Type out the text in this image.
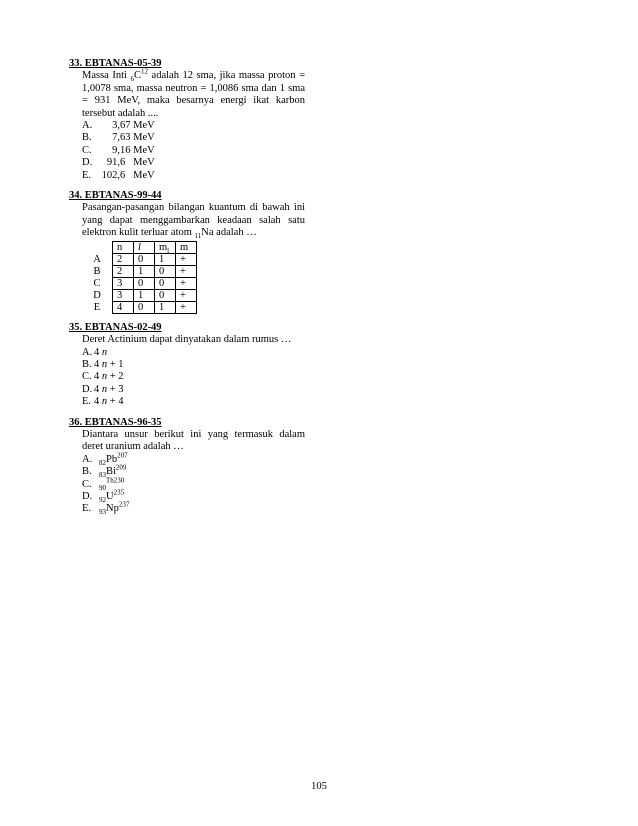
33. EBTANAS-05-39
Massa Inti $_6C^{12}$ adalah 12 sma, jika massa proton = 1,0078 sma, massa neutron = 1,0086 sma dan 1 sma = 931 MeV, maka besarnya energi ikat karbon tersebut adalah ....
A. 3,67 MeV
B. 7,63 MeV
C. 9,16 MeV
D. 91,6   MeV
E. 102,6   MeV
34. EBTANAS-99-44
Pasangan-pasangan bilangan kuantum di bawah ini yang dapat menggambarkan keadaan salah satu elektron kulit terluar atom $_{11}$Na adalah …
	n	l	$m_l$	m
A	2	0	1	+
B	2	1	0	+
C	3	0	0	+
D	3	1	0	+
E	4	0	1	+
35. EBTANAS-02-49
Deret Actinium dapat dinyatakan dalam rumus …
A. 4 n
B. 4 n + 1
C. 4 n + 2
D. 4 n + 3
E. 4 n + 4
36. EBTANAS-96-35
Diantara unsur berikut ini yang termasuk dalam deret uranium adalah …
A. $_{82}Pb^{207}$
B.	$_{83}Bi^{209}$
C.	$_{90}^{Th230}$
D. $_{92}U^{235}$
E.	$_{93}Np^{237}$
105
